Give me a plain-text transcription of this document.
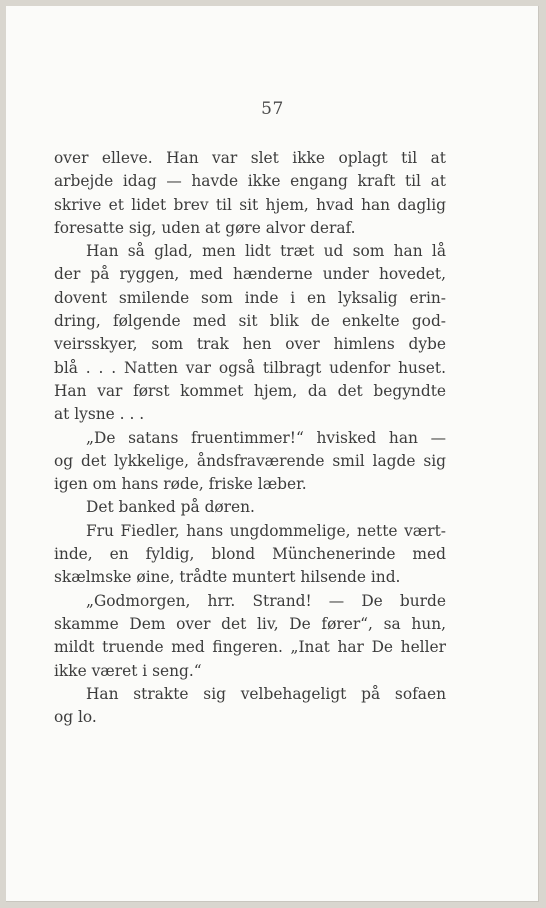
57
over elleve. Han var slet ikke oplagt til at
arbejde idag — havde ikke engang kraft til at
skrive et lidet brev til sit hjem, hvad han daglig
foresatte sig, uden at gøre alvor deraf.
Han så glad, men lidt træt ud som han lå
der på ryggen, med hænderne under hovedet,
dovent smilende som inde i en lyksalig erin-
dring, følgende med sit blik de enkelte god-
veirsskyer, som trak hen over himlens dybe
blå . . . Natten var også tilbragt udenfor huset.
Han var først kommet hjem, da det begyndte
at lysne . . .
„De satans fruentimmer!“ hvisked han —
og det lykkelige, åndsfraværende smil lagde sig
igen om hans røde, friske læber.
Det banked på døren.
Fru Fiedler, hans ungdommelige, nette vært-
inde, en fyldig, blond Münchenerinde med
skælmske øine, trådte muntert hilsende ind.
„Godmorgen, hrr. Strand! — De burde
skamme Dem over det liv, De fører“, sa hun,
mildt truende med fingeren. „Inat har De heller
ikke været i seng.“
Han strakte sig velbehageligt på sofaen
og lo.
